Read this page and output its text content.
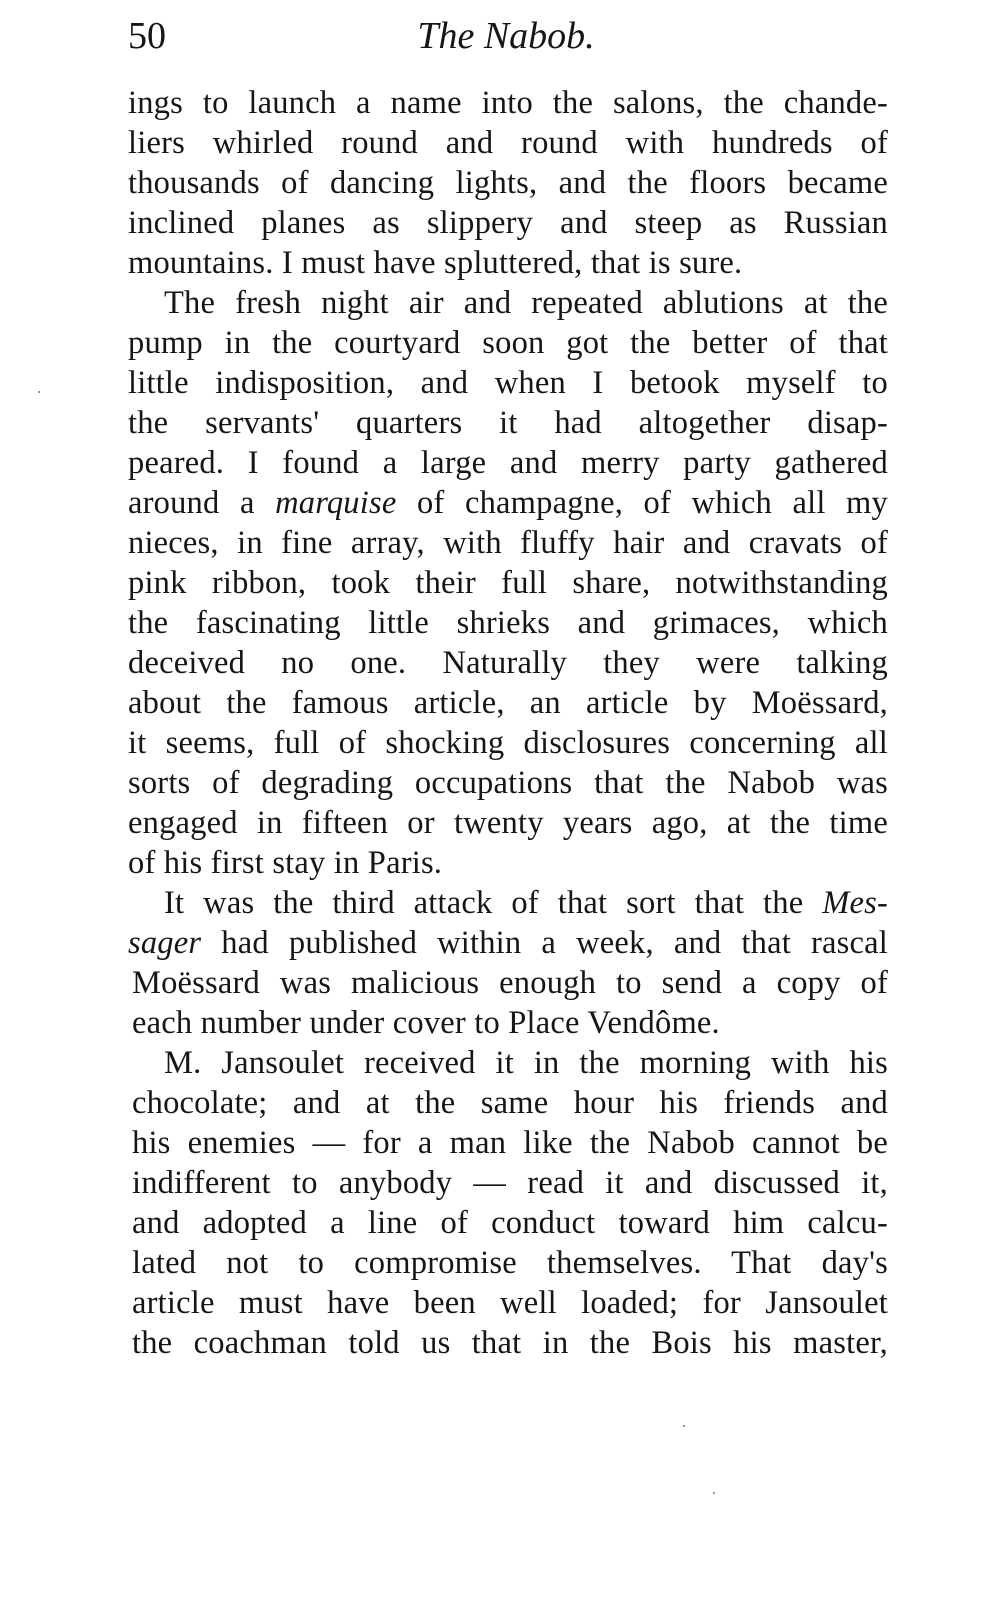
50	The Nabob.
ings to launch a name into the salons, the chande-
liers whirled round and round with hundreds of
thousands of dancing lights, and the floors became
inclined planes as slippery and steep as Russian
mountains. I must have spluttered, that is sure.
The fresh night air and repeated ablutions at the
pump in the courtyard soon got the better of that
little indisposition, and when I betook myself to
the servants' quarters it had altogether disap-
peared. I found a large and merry party gathered
around a marquise of champagne, of which all my
nieces, in fine array, with fluffy hair and cravats of
pink ribbon, took their full share, notwithstanding
the fascinating little shrieks and grimaces, which
deceived no one. Naturally they were talking
about the famous article, an article by Moëssard,
it seems, full of shocking disclosures concerning all
sorts of degrading occupations that the Nabob was
engaged in fifteen or twenty years ago, at the time
of his first stay in Paris.
It was the third attack of that sort that the Mes-
sager had published within a week, and that rascal
Moëssard was malicious enough to send a copy of
each number under cover to Place Vendôme.
M. Jansoulet received it in the morning with his
chocolate; and at the same hour his friends and
his enemies — for a man like the Nabob cannot be
indifferent to anybody — read it and discussed it,
and adopted a line of conduct toward him calcu-
lated not to compromise themselves. That day's
article must have been well loaded; for Jansoulet
the coachman told us that in the Bois his master,
